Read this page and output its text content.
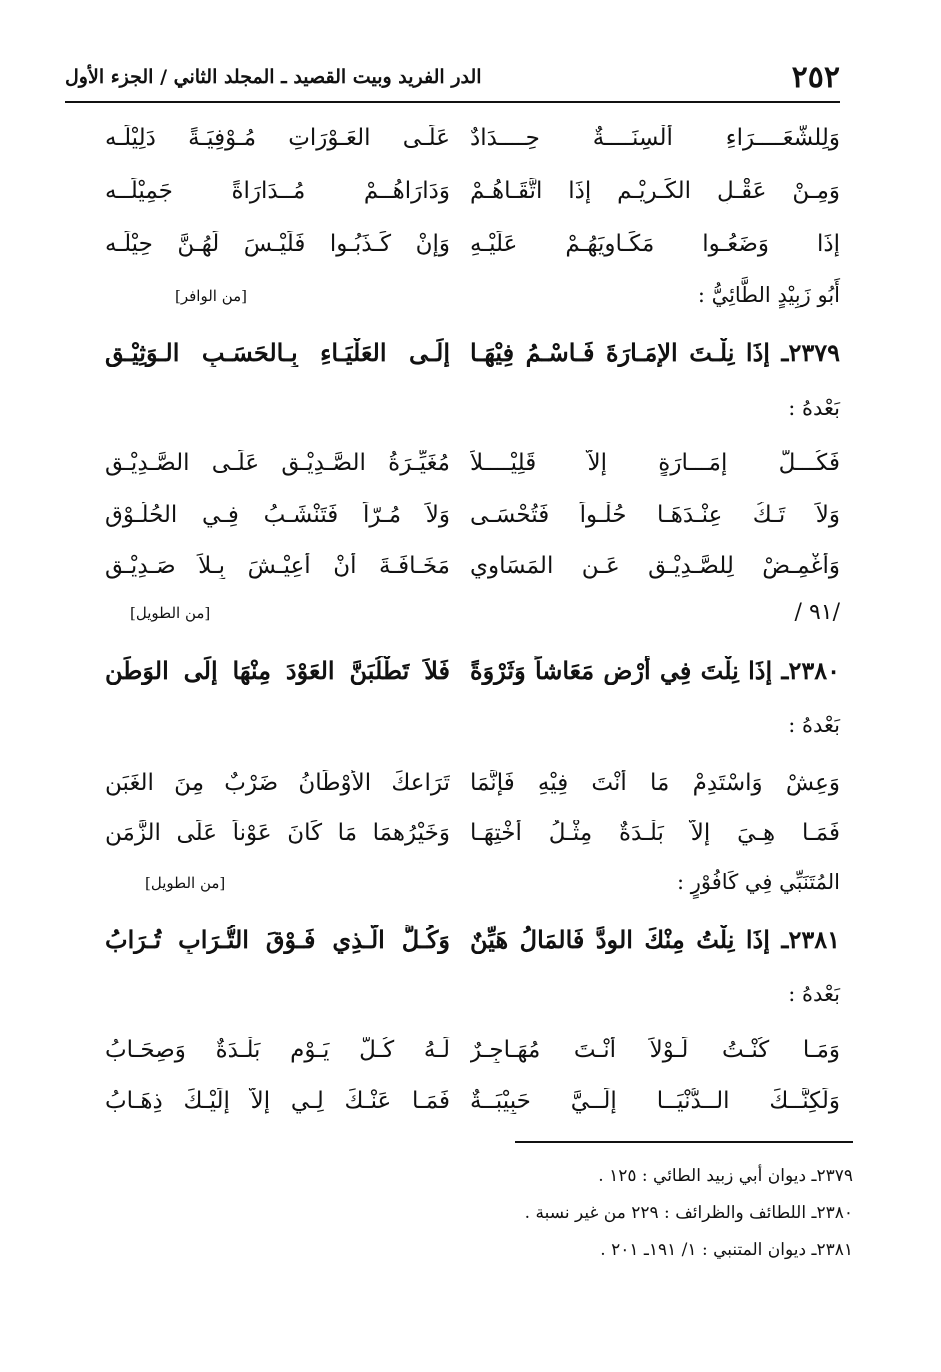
٢٥٢
الدر الفريد وبيت القصيد ـ المجلد الثاني / الجزء الأول
وَلِلشُّعَــــرَاءِ أَلْسِنَــــةٌ حِــــدَادٌ
عَلَـى العَـوْرَاتِ مُـوْفِيَـةً دَلِيْلَـه
وَمِـنْ عَقْـلِ الكَـرِيْـمِ إِذَا اتَّقَـاهُـمْ
وَدَارَاهُــمْ مُــدَارَاةً جَمِيْلَــه
إِذَا وَضَعُـوا مَكَـاوِيَهُـمْ عَلَيْـهِ
وَإِنْ كَـذَبُـوا فَلَيْـسَ لَهُـنَّ حِيْلَـه
أَبُو زَبِيْدٍ الطَّائِيُّ :
[من الوافر]
٢٣٧٩ـ إِذَا نِلْـتَ الإِمَـارَةَ فَـاسْـمُ فِيْهَـا
إِلَـى العَلْيَـاءِ بِـالحَسَـبِ الـوَثِيْـقِ
بَعْدهُ :
فَكُـــلُّ إِمَـــارَةٍ إِلاَّ قَلِيْــــلاً
مُغَيِّـرَةُ الصَّـدِيْـقِ عَلَـى الصَّـدِيْـقِ
وَلاَ تَـكُ عِنْـدَهَـا حُلْـواً فَتُحْسَـى
وَلاَ مُـرّاً فَتَنْشَـبُ فِـي الحُلُـوْقِ
وَأَغْمِـضْ لِلصَّـدِيْـقِ عَـنِ المَسَاوِي
مَخَـافَـةَ أَنْ أَعِيْـشَ بِـلاَ صَـدِيْـقِ
/ ٩١/
[من الطويل]
٢٣٨٠ـ إِذَا نِلْتَ فِي أَرْضٍ مَعَاشاً وَثَرْوَةً
فَلاَ تَطْلُبَنَّ العَوْدَ مِنْهَا إِلَى الوَطَنِ
بَعْدهُ :
وَعِشْ وَاسْتَدِمْ مَا أَنْتَ فِيْهِ فَإِنَّمَا
تَرَاعكَ الأَوْطَانُ ضَرْبٌ مِنَ الغَبَنِ
فَمَـا هِـيَ إِلاَّ بَلْـدَةٌ مِثْـلُ أُخْتِهَـا
وَخَيْرُهمَا مَا كَانَ عَوْناً عَلَى الزَّمَنِ
المُتَنَبِّي فِي كَافُوْرٍ :
[من الطويل]
٢٣٨١ـ إِذَا نِلْتُ مِنْكَ الودَّ فَالمَالُ هَيِّنٌ
وَكُـلُّ الَّـذِي فَـوْقَ التُّـرَابِ تُـرَابُ
بَعْدهُ :
وَمَـا كُنْـتُ لَـوْلاَ أَنْـتَ مُهَـاجِـرٌ
لَـهُ كُـلَّ يَـوْمٍ بَلْـدَةٌ وَصِحَـابُ
وَلَكِنَّــكَ الــدُّنْيَــا إِلَــيَّ حَبِيْبَــةٌ
فَمَـا عَنْـكَ لِـي إِلاَّ إِلَيْـكَ ذِهَـابُ
٢٣٧٩ـ ديوان أبي زبيد الطائي : ١٢٥ .
٢٣٨٠ـ اللطائف والظرائف : ٢٢٩ من غير نسبة .
٢٣٨١ـ ديوان المتنبي : ١/ ١٩١ـ ٢٠١ .
